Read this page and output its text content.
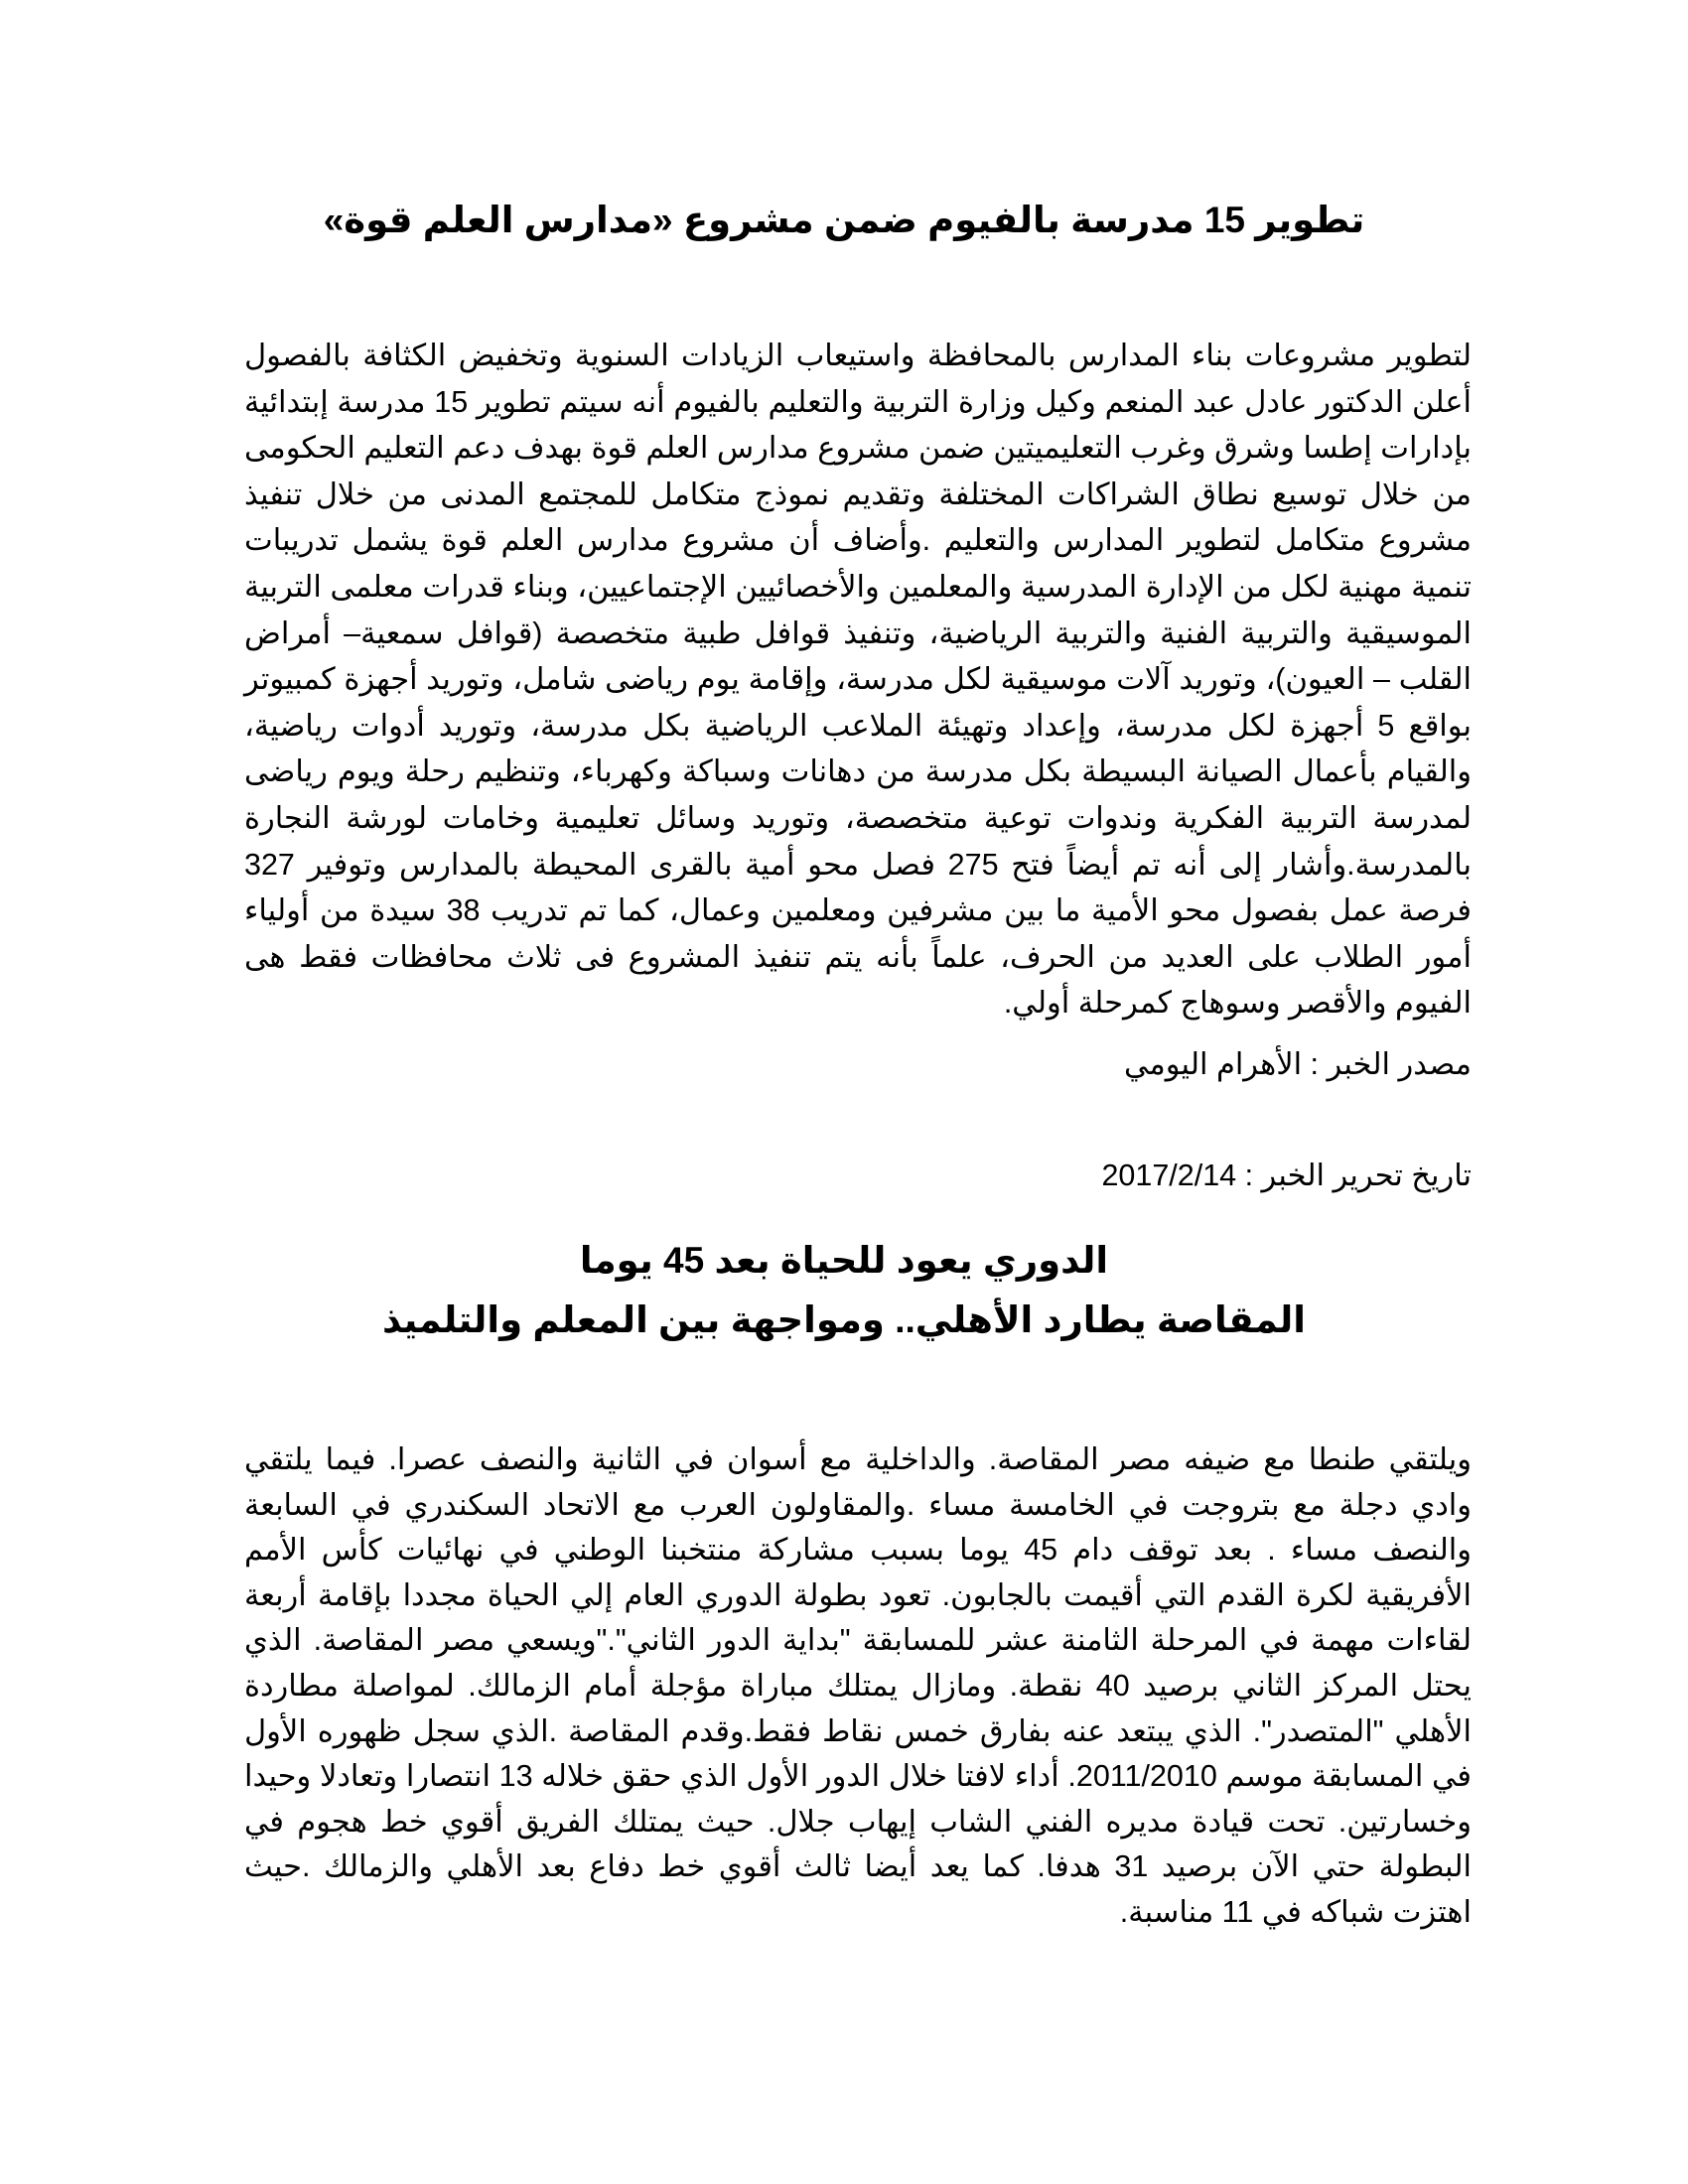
تطوير 15 مدرسة بالفيوم ضمن مشروع «مدارس العلم قوة»

لتطوير مشروعات بناء المدارس بالمحافظة واستيعاب الزيادات السنوية وتخفيض الكثافة بالفصول أعلن الدكتور عادل عبد المنعم وكيل وزارة التربية والتعليم بالفيوم أنه سيتم تطوير 15 مدرسة إبتدائية بإدارات إطسا وشرق وغرب التعليميتين ضمن مشروع مدارس العلم قوة بهدف دعم التعليم الحكومى من خلال توسيع نطاق الشراكات المختلفة وتقديم نموذج متكامل للمجتمع المدنى من خلال تنفيذ مشروع متكامل لتطوير المدارس والتعليم .وأضاف أن مشروع مدارس العلم قوة يشمل تدريبات تنمية مهنية لكل من الإدارة المدرسية والمعلمين والأخصائيين الإجتماعيين، وبناء قدرات معلمى التربية الموسيقية والتربية الفنية والتربية الرياضية، وتنفيذ قوافل طبية متخصصة (قوافل سمعية– أمراض القلب – العيون)، وتوريد آلات موسيقية لكل مدرسة، وإقامة يوم رياضى شامل، وتوريد أجهزة كمبيوتر بواقع 5 أجهزة لكل مدرسة، وإعداد وتهيئة الملاعب الرياضية بكل مدرسة، وتوريد أدوات رياضية، والقيام بأعمال الصيانة البسيطة بكل مدرسة من دهانات وسباكة وكهرباء، وتنظيم رحلة ويوم رياضى لمدرسة التربية الفكرية وندوات توعية متخصصة، وتوريد وسائل تعليمية وخامات لورشة النجارة بالمدرسة.وأشار إلى أنه تم أيضاً فتح 275 فصل محو أمية بالقرى المحيطة بالمدارس وتوفير 327 فرصة عمل بفصول محو الأمية ما بين مشرفين ومعلمين وعمال، كما تم تدريب 38 سيدة من أولياء أمور الطلاب على العديد من الحرف، علماً بأنه يتم تنفيذ المشروع فى ثلاث محافظات فقط هى الفيوم والأقصر وسوهاج كمرحلة أولي.

مصدر الخبر : الأهرام اليومي

تاريخ تحرير الخبر : 2017/2/14

الدوري يعود للحياة بعد 45 يوما
المقاصة يطارد الأهلي.. ومواجهة بين المعلم والتلميذ

ويلتقي طنطا مع ضيفه مصر المقاصة. والداخلية مع أسوان في الثانية والنصف عصرا. فيما يلتقي وادي دجلة مع بتروجت في الخامسة مساء .والمقاولون العرب مع الاتحاد السكندري في السابعة والنصف مساء . بعد توقف دام 45 يوما بسبب مشاركة منتخبنا الوطني في نهائيات كأس الأمم الأفريقية لكرة القدم التي أقيمت بالجابون. تعود بطولة الدوري العام إلي الحياة مجددا بإقامة أربعة لقاءات مهمة في المرحلة الثامنة عشر للمسابقة "بداية الدور الثاني"."ويسعي مصر المقاصة. الذي يحتل المركز الثاني برصيد 40 نقطة. ومازال يمتلك مباراة مؤجلة أمام الزمالك. لمواصلة مطاردة الأهلي "المتصدر". الذي يبتعد عنه بفارق خمس نقاط فقط.وقدم المقاصة .الذي سجل ظهوره الأول في المسابقة موسم 2011/2010. أداء لافتا خلال الدور الأول الذي حقق خلاله 13 انتصارا وتعادلا وحيدا وخسارتين. تحت قيادة مديره الفني الشاب إيهاب جلال. حيث يمتلك الفريق أقوي خط هجوم في البطولة حتي الآن برصيد 31 هدفا. كما يعد أيضا ثالث أقوي خط دفاع بعد الأهلي والزمالك .حيث اهتزت شباكه في 11 مناسبة.
